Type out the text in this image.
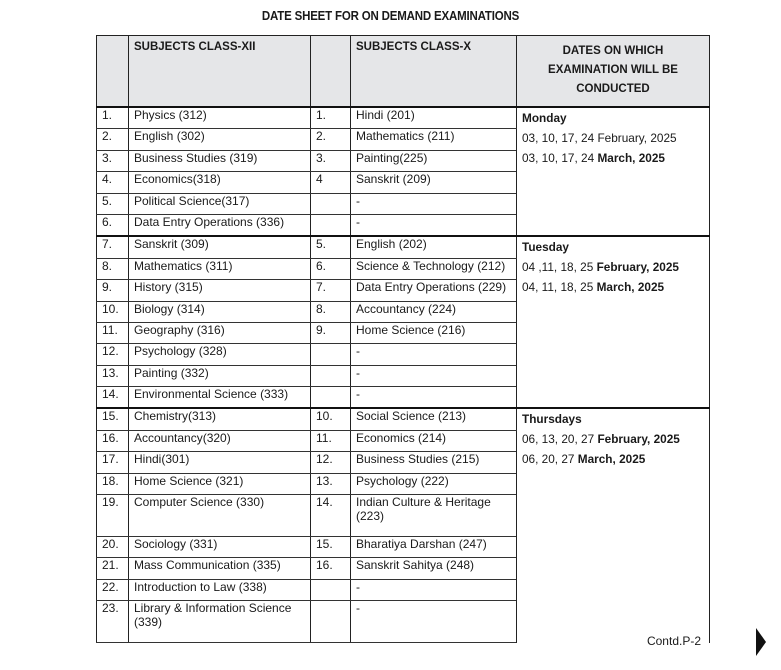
DATE SHEET FOR ON DEMAND EXAMINATIONS
	SUBJECTS CLASS-XII		SUBJECTS CLASS-X	DATES ON WHICH EXAMINATION WILL BE CONDUCTED
1.	Physics (312)	1.	Hindi (201)	Monday
03, 10, 17, 24 February, 2025
03, 10, 17, 24 March, 2025

2.	English (302)	2.	Mathematics (211)	
3.	Business Studies (319)	3.	Painting(225)	
4.	Economics(318)	4	Sanskrit (209)	
5.	Political Science(317)		-	
6.	Data Entry Operations (336)		-	
7.	Sanskrit (309)	5.	English (202)	Tuesday
04 ,11, 18, 25 February, 2025
04, 11, 18, 25 March, 2025

8.	Mathematics (311)	6.	Science & Technology (212)	
9.	History (315)	7.	Data Entry Operations (229)	
10.	Biology (314)	8.	Accountancy (224)	
11.	Geography (316)	9.	Home Science (216)	
12.	Psychology (328)		-	
13.	Painting (332)		-	
14.	Environmental Science (333)		-	
15.	Chemistry(313)	10.	Social Science (213)	Thursdays
06, 13, 20, 27 February, 2025
06, 20, 27 March, 2025

16.	Accountancy(320)	11.	Economics (214)	
17.	Hindi(301)	12.	Business Studies (215)	
18.	Home Science (321)	13.	Psychology (222)	
19.	Computer Science (330)	14.	Indian Culture & Heritage (223)	
20.	Sociology (331)	15.	Bharatiya Darshan (247)	
21.	Mass Communication (335)	16.	Sanskrit Sahitya (248)	
22.	Introduction to Law (338)		-	
23.	Library & Information Science (339)		-	
Contd.P-2
